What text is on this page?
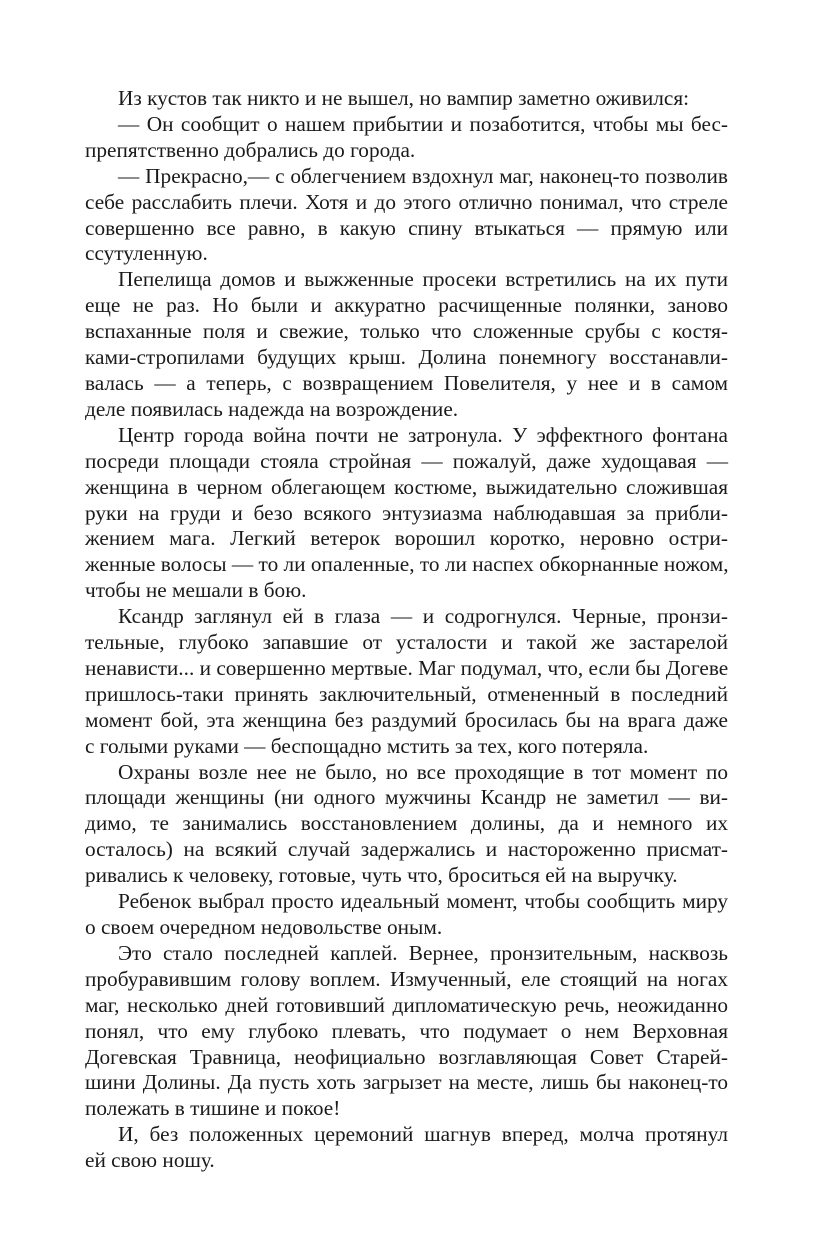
Из кустов так никто и не вышел, но вампир заметно оживился:

— Он сообщит о нашем прибытии и позаботится, чтобы мы бес-
препятственно добрались до города.

— Прекрасно,— с облегчением вздохнул маг, наконец-то позволив
себе расслабить плечи. Хотя и до этого отлично понимал, что стреле
совершенно все равно, в какую спину втыкаться — прямую или
ссутуленную.

Пепелища домов и выжженные просеки встретились на их пути
еще не раз. Но были и аккуратно расчищенные полянки, заново
вспаханные поля и свежие, только что сложенные срубы с костя-
ками-стропилами будущих крыш. Долина понемногу восстанавли-
валась — а теперь, с возвращением Повелителя, у нее и в самом
деле появилась надежда на возрождение.

Центр города война почти не затронула. У эффектного фонтана
посреди площади стояла стройная — пожалуй, даже худощавая —
женщина в черном облегающем костюме, выжидательно сложившая
руки на груди и безо всякого энтузиазма наблюдавшая за прибли-
жением мага. Легкий ветерок ворошил коротко, неровно остри-
женные волосы — то ли опаленные, то ли наспех обкорнанные ножом,
чтобы не мешали в бою.

Ксандр заглянул ей в глаза — и содрогнулся. Черные, пронзи-
тельные, глубоко запавшие от усталости и такой же застарелой
ненависти... и совершенно мертвые. Маг подумал, что, если бы Догеве
пришлось-таки принять заключительный, отмененный в последний
момент бой, эта женщина без раздумий бросилась бы на врага даже
с голыми руками — беспощадно мстить за тех, кого потеряла.

Охраны возле нее не было, но все проходящие в тот момент по
площади женщины (ни одного мужчины Ксандр не заметил — ви-
димо, те занимались восстановлением долины, да и немного их
осталось) на всякий случай задержались и настороженно присмат-
ривались к человеку, готовые, чуть что, броситься ей на выручку.

Ребенок выбрал просто идеальный момент, чтобы сообщить миру
о своем очередном недовольстве оным.

Это стало последней каплей. Вернее, пронзительным, насквозь
пробуравившим голову воплем. Измученный, еле стоящий на ногах
маг, несколько дней готовивший дипломатическую речь, неожиданно
понял, что ему глубоко плевать, что подумает о нем Верховная
Догевская Травница, неофициально возглавляющая Совет Старей-
шини Долины. Да пусть хоть загрызет на месте, лишь бы наконец-то
полежать в тишине и покое!

И, без положенных церемоний шагнув вперед, молча протянул
ей свою ношу.
